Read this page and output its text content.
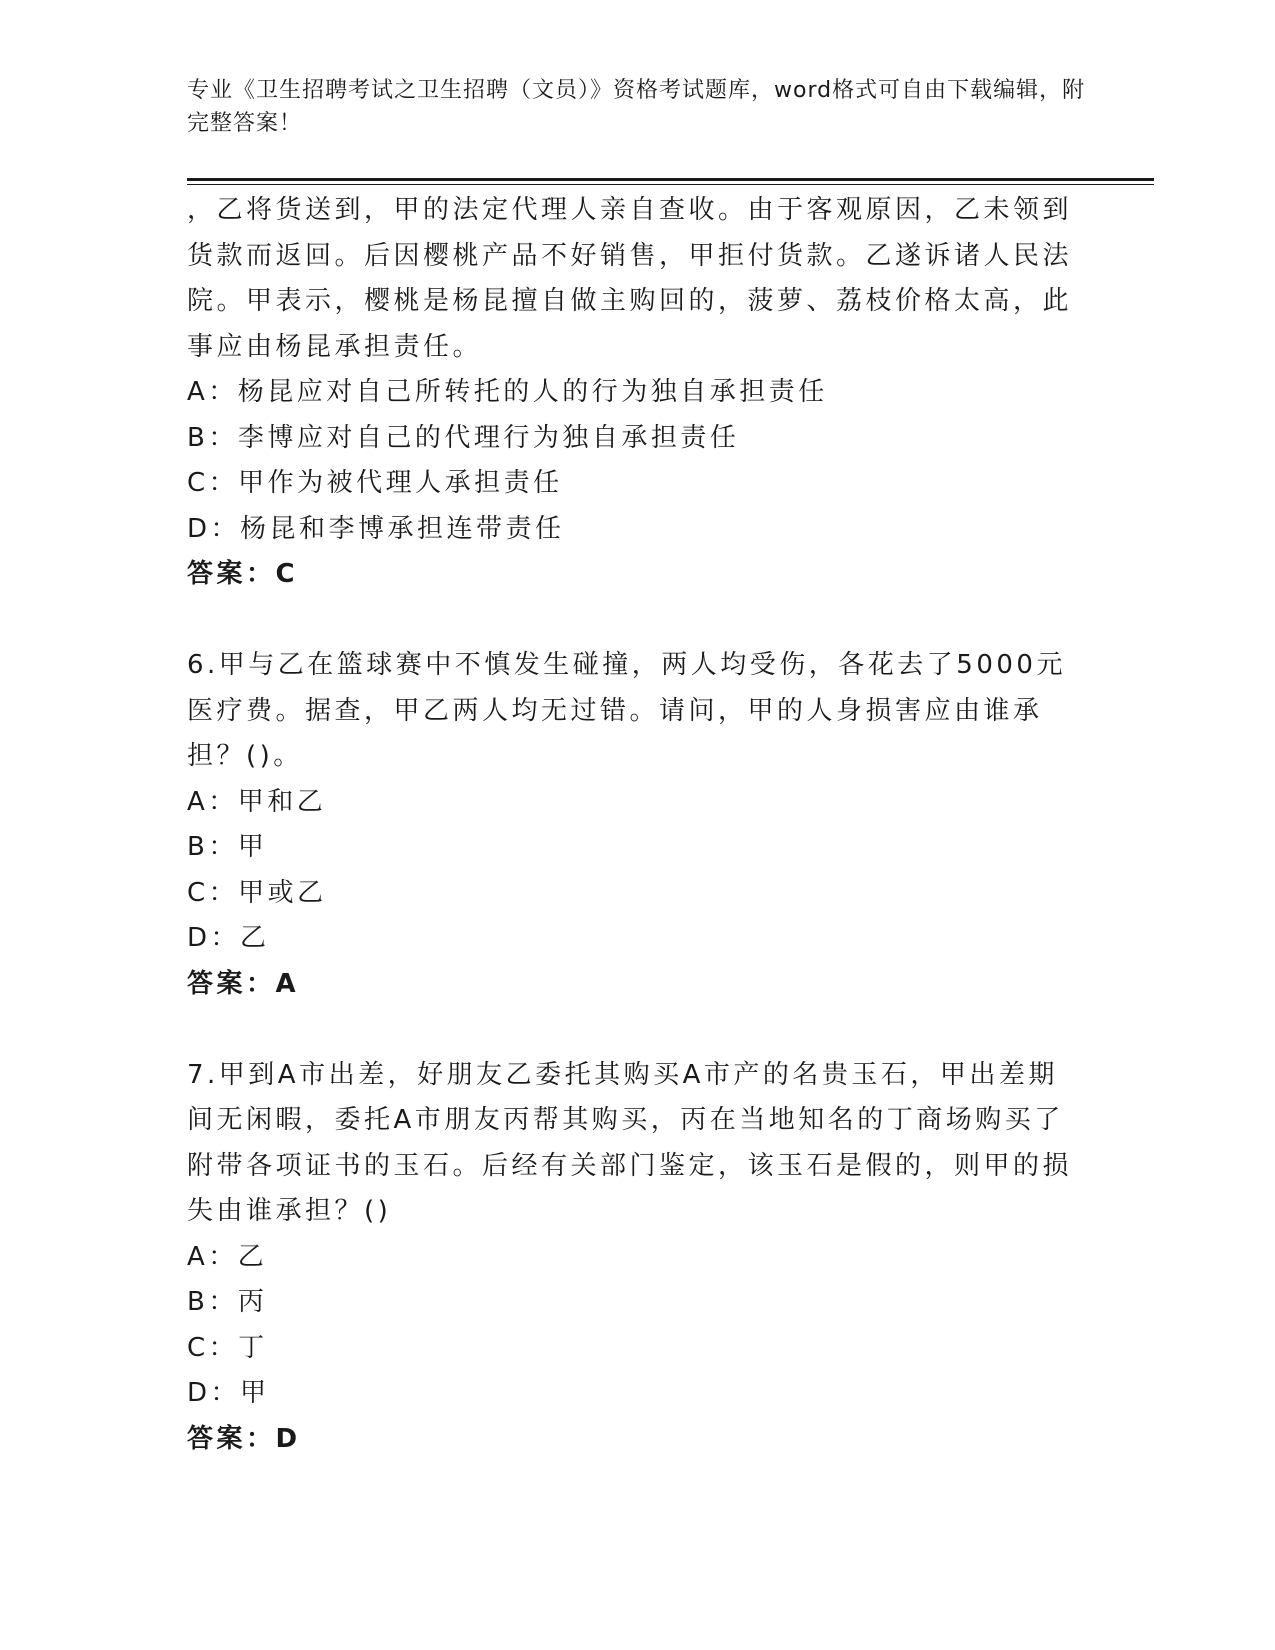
专业《卫生招聘考试之卫生招聘（文员）》资格考试题库，word格式可自由下载编辑，附完整答案！

，乙将货送到，甲的法定代理人亲自查收。由于客观原因，乙未领到货款而返回。后因樱桃产品不好销售，甲拒付货款。乙遂诉诸人民法院。甲表示，樱桃是杨昆擅自做主购回的，菠萝、荔枝价格太高，此事应由杨昆承担责任。

A：杨昆应对自己所转托的人的行为独自承担责任

B：李博应对自己的代理行为独自承担责任

C：甲作为被代理人承担责任

D：杨昆和李博承担连带责任

答案：C

6.甲与乙在篮球赛中不慎发生碰撞，两人均受伤，各花去了5000元医疗费。据查，甲乙两人均无过错。请问，甲的人身损害应由谁承担？()。

A：甲和乙

B：甲

C：甲或乙

D：乙

答案：A

7.甲到A市出差，好朋友乙委托其购买A市产的名贵玉石，甲出差期间无闲暇，委托A市朋友丙帮其购买，丙在当地知名的丁商场购买了附带各项证书的玉石。后经有关部门鉴定，该玉石是假的，则甲的损失由谁承担？()

A：乙

B：丙

C：丁

D：甲

答案：D
